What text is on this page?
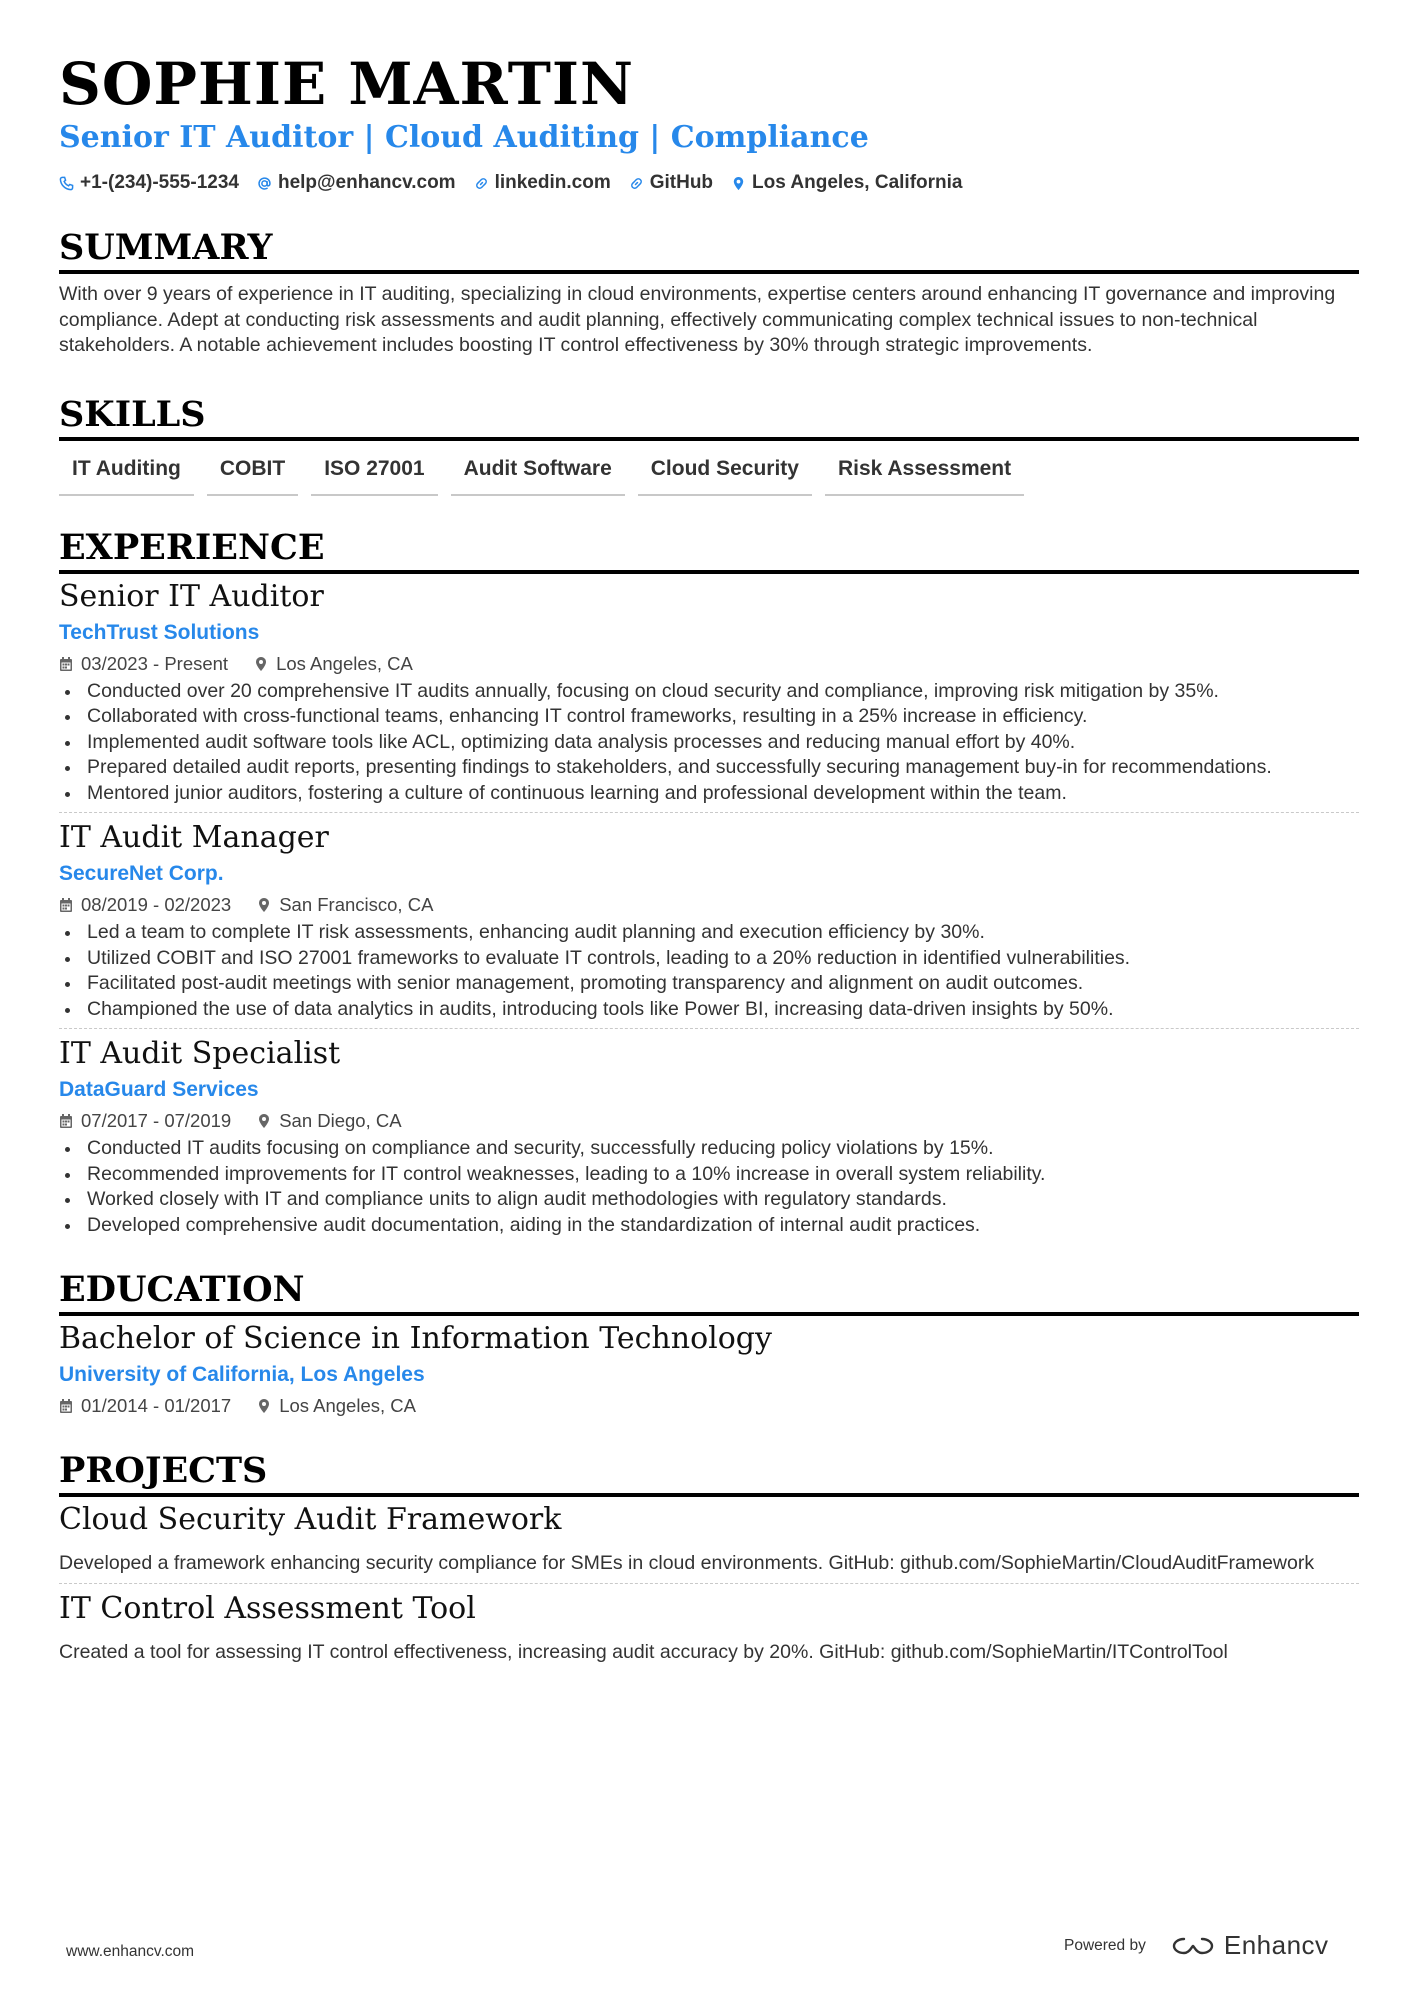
SOPHIE MARTIN
Senior IT Auditor | Cloud Auditing | Compliance
+1-(234)-555-1234 help@enhancv.com linkedin.com GitHub Los Angeles, California
SUMMARY
With over 9 years of experience in IT auditing, specializing in cloud environments, expertise centers around enhancing IT governance and improving compliance. Adept at conducting risk assessments and audit planning, effectively communicating complex technical issues to non-technical stakeholders. A notable achievement includes boosting IT control effectiveness by 30% through strategic improvements.
SKILLS
IT Auditing	COBIT	ISO 27001	Audit Software	Cloud Security	Risk Assessment
EXPERIENCE
Senior IT Auditor
TechTrust Solutions
03/2023 - Present	Los Angeles, CA
Conducted over 20 comprehensive IT audits annually, focusing on cloud security and compliance, improving risk mitigation by 35%.
Collaborated with cross-functional teams, enhancing IT control frameworks, resulting in a 25% increase in efficiency.
Implemented audit software tools like ACL, optimizing data analysis processes and reducing manual effort by 40%.
Prepared detailed audit reports, presenting findings to stakeholders, and successfully securing management buy-in for recommendations.
Mentored junior auditors, fostering a culture of continuous learning and professional development within the team.
IT Audit Manager
SecureNet Corp.
08/2019 - 02/2023	San Francisco, CA
Led a team to complete IT risk assessments, enhancing audit planning and execution efficiency by 30%.
Utilized COBIT and ISO 27001 frameworks to evaluate IT controls, leading to a 20% reduction in identified vulnerabilities.
Facilitated post-audit meetings with senior management, promoting transparency and alignment on audit outcomes.
Championed the use of data analytics in audits, introducing tools like Power BI, increasing data-driven insights by 50%.
IT Audit Specialist
DataGuard Services
07/2017 - 07/2019	San Diego, CA
Conducted IT audits focusing on compliance and security, successfully reducing policy violations by 15%.
Recommended improvements for IT control weaknesses, leading to a 10% increase in overall system reliability.
Worked closely with IT and compliance units to align audit methodologies with regulatory standards.
Developed comprehensive audit documentation, aiding in the standardization of internal audit practices.
EDUCATION
Bachelor of Science in Information Technology
University of California, Los Angeles
01/2014 - 01/2017	Los Angeles, CA
PROJECTS
Cloud Security Audit Framework
Developed a framework enhancing security compliance for SMEs in cloud environments. GitHub: github.com/SophieMartin/CloudAuditFramework
IT Control Assessment Tool
Created a tool for assessing IT control effectiveness, increasing audit accuracy by 20%. GitHub: github.com/SophieMartin/ITControlTool
www.enhancv.com	Powered by	Enhancv
